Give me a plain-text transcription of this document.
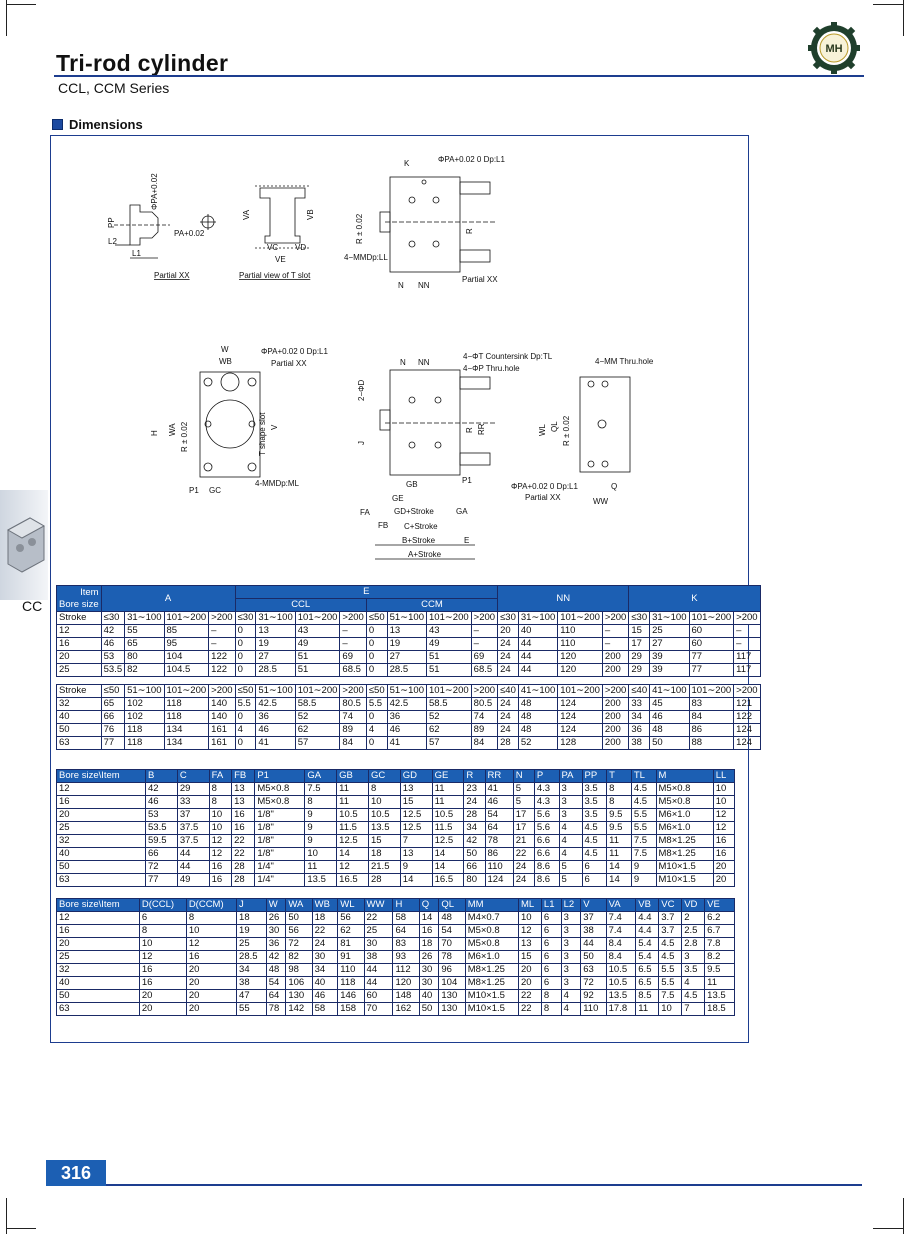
Tri-rod cylinder
CCL, CCM Series
MH
Dimensions
CC
PP
L2
L1
ΦPA+0.02
PA+0.02
Partial XX
VA	VB
VC VD
VE
Partial view of T slot
K	ΦPA+0.02 0 Dp:L1
R ± 0.02	R
4−MMDp:LL
Partial XX
N NN
W
WB
ΦPA+0.02 0 Dp:L1
Partial XX
H WA R ± 0.02	T shape slot V
4-MMDp:ML
P1 GC
N NN
4−ΦT Countersink Dp:TL
4−ΦP Thru.hole
2−ΦD
J
R RR
P1
GB
GE
FA	GD+Stroke	GA
FB C+Stroke
B+Stroke	E
A+Stroke
4−MM Thru.hole
WL QL R ± 0.02
ΦPA+0.02 0 Dp:L1
Partial XX
Q
WW
Item
Bore size	A				E								NN				K			
					CCL				CCM											
Stroke	≤30	31∼100	101∼200	>200	≤30	31∼100	101∼200	>200	≤50	51∼100	101∼200	>200	≤30	31∼100	101∼200	>200	≤30	31∼100	101∼200	>200
12	42	55	85	–	0	13	43	–	0	13	43	–	20	40	110	–	15	25	60	–
16	46	65	95	–	0	19	49	–	0	19	49	–	24	44	110	–	17	27	60	–
20	53	80	104	122	0	27	51	69	0	27	51	69	24	44	120	200	29	39	77	117
25	53.5	82	104.5	122	0	28.5	51	68.5	0	28.5	51	68.5	24	44	120	200	29	39	77	117

Stroke	≤50	51∼100	101∼200	>200	≤50	51∼100	101∼200	>200	≤50	51∼100	101∼200	>200	≤40	41∼100	101∼200	>200	≤40	41∼100	101∼200	>200
32	65	102	118	140	5.5	42.5	58.5	80.5	5.5	42.5	58.5	80.5	24	48	124	200	33	45	83	121
40	66	102	118	140	0	36	52	74	0	36	52	74	24	48	124	200	34	46	84	122
50	76	118	134	161	4	46	62	89	4	46	62	89	24	48	124	200	36	48	86	124
63	77	118	134	161	0	41	57	84	0	41	57	84	28	52	128	200	38	50	88	124
Bore size\Item	B	C	FA	FB	P1	GA	GB	GC	GD	GE	R	RR	N	P	PA	PP	T	TL	M	LL
12	42	29	8	13	M5×0.8	7.5	11	8	13	11	23	41	5	4.3	3	3.5	8	4.5	M5×0.8	10
16	46	33	8	13	M5×0.8	8	11	10	15	11	24	46	5	4.3	3	3.5	8	4.5	M5×0.8	10
20	53	37	10	16	1/8"	9	10.5	10.5	12.5	10.5	28	54	17	5.6	3	3.5	9.5	5.5	M6×1.0	12
25	53.5	37.5	10	16	1/8"	9	11.5	13.5	12.5	11.5	34	64	17	5.6	4	4.5	9.5	5.5	M6×1.0	12
32	59.5	37.5	12	22	1/8"	9	12.5	15	7	12.5	42	78	21	6.6	4	4.5	11	7.5	M8×1.25	16
40	66	44	12	22	1/8"	10	14	18	13	14	50	86	22	6.6	4	4.5	11	7.5	M8×1.25	16
50	72	44	16	28	1/4"	11	12	21.5	9	14	66	110	24	8.6	5	6	14	9	M10×1.5	20
63	77	49	16	28	1/4"	13.5	16.5	28	14	16.5	80	124	24	8.6	5	6	14	9	M10×1.5	20
Bore size\Item	D(CCL)	D(CCM)	J	W	WA	WB	WL	WW	H	Q	QL	MM	ML	L1	L2	V	VA	VB	VC	VD	VE
12	6	8	18	26	50	18	56	22	58	14	48	M4×0.7	10	6	3	37	7.4	4.4	3.7	2	6.2
16	8	10	19	30	56	22	62	25	64	16	54	M5×0.8	12	6	3	38	7.4	4.4	3.7	2.5	6.7
20	10	12	25	36	72	24	81	30	83	18	70	M5×0.8	13	6	3	44	8.4	5.4	4.5	2.8	7.8
25	12	16	28.5	42	82	30	91	38	93	26	78	M6×1.0	15	6	3	50	8.4	5.4	4.5	3	8.2
32	16	20	34	48	98	34	110	44	112	30	96	M8×1.25	20	6	3	63	10.5	6.5	5.5	3.5	9.5
40	16	20	38	54	106	40	118	44	120	30	104	M8×1.25	20	6	3	72	10.5	6.5	5.5	4	11
50	20	20	47	64	130	46	146	60	148	40	130	M10×1.5	22	8	4	92	13.5	8.5	7.5	4.5	13.5
63	20	20	55	78	142	58	158	70	162	50	130	M10×1.5	22	8	4	110	17.8	11	10	7	18.5
316
